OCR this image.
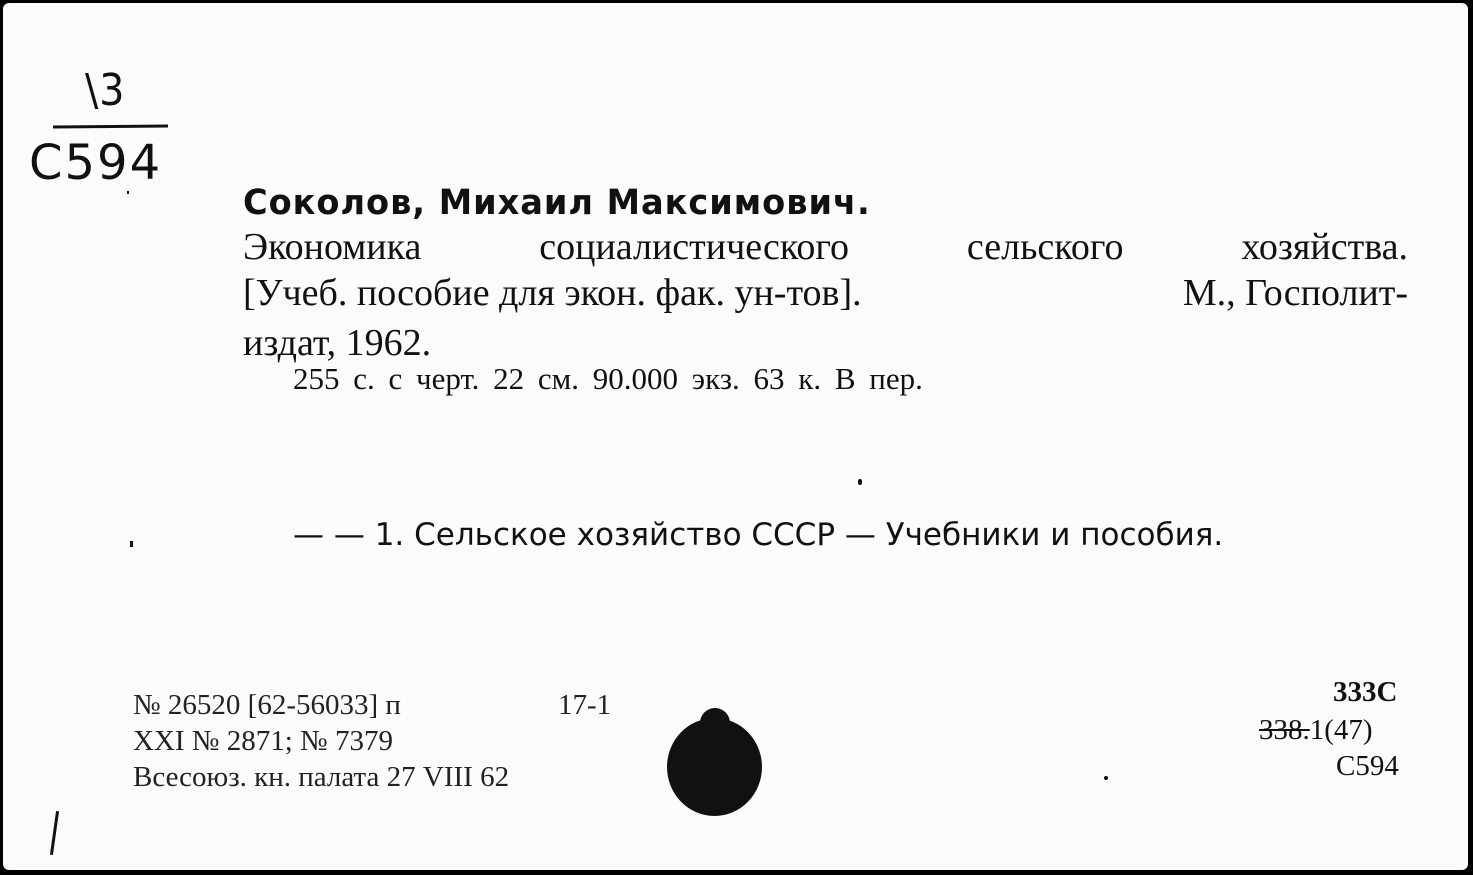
\3
C594
Соколов, Михаил Максимович.
Экономика социалистического сельского хозяйства.
[Учеб. пособие для экон. фак. ун-тов].	М., Госполит-
издат, 1962.
255 с. с черт. 22 см. 90.000 экз. 63 к. В пер.
— — 1. Сельское хозяйство СССР — Учебники и пособия.
№ 26520 [62-56033] п	17-1
XXI № 2871; № 7379
Всесоюз. кн. палата 27 VIII 62
333С
338.1(47)
С594
